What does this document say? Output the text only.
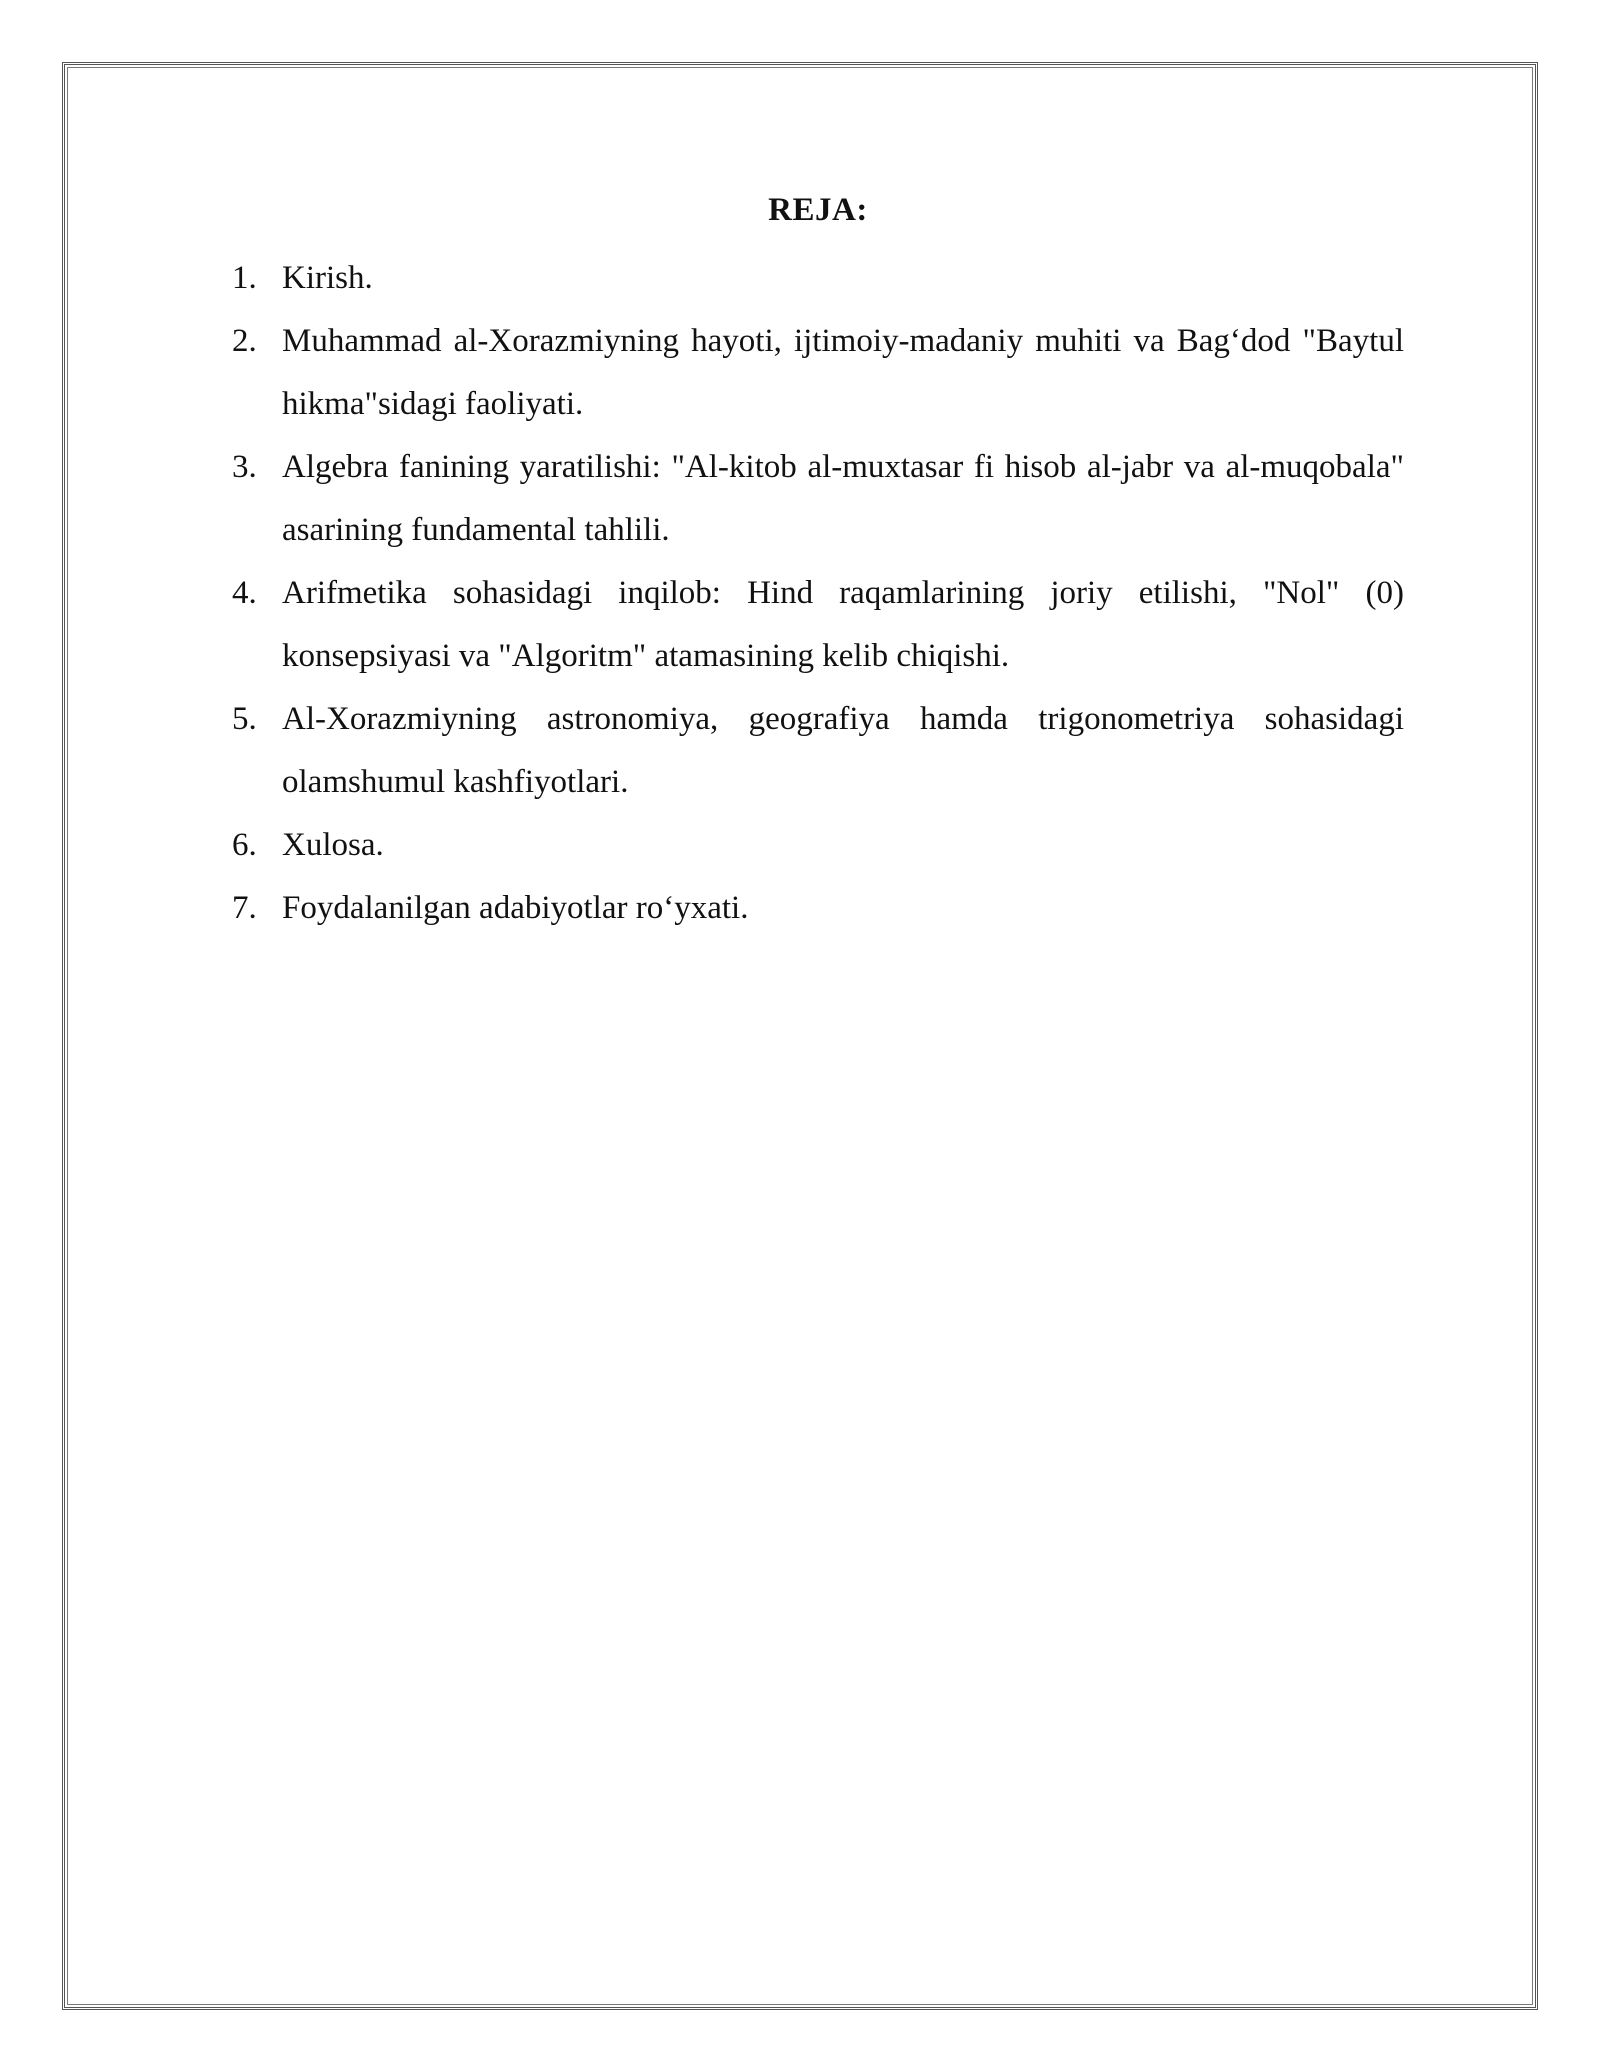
REJA:
1. Kirish.
2. Muhammad al-Xorazmiyning hayoti, ijtimoiy-madaniy muhiti va Bag‘dod "Baytul hikma"sidagi faoliyati.
3. Algebra fanining yaratilishi: "Al-kitob al-muxtasar fi hisob al-jabr va al-muqobala" asarining fundamental tahlili.
4. Arifmetika sohasidagi inqilob: Hind raqamlarining joriy etilishi, "Nol" (0) konsepsiyasi va "Algoritm" atamasining kelib chiqishi.
5. Al-Xorazmiyning astronomiya, geografiya hamda trigonometriya sohasidagi olamshumul kashfiyotlari.
6. Xulosa.
7. Foydalanilgan adabiyotlar ro‘yxati.
